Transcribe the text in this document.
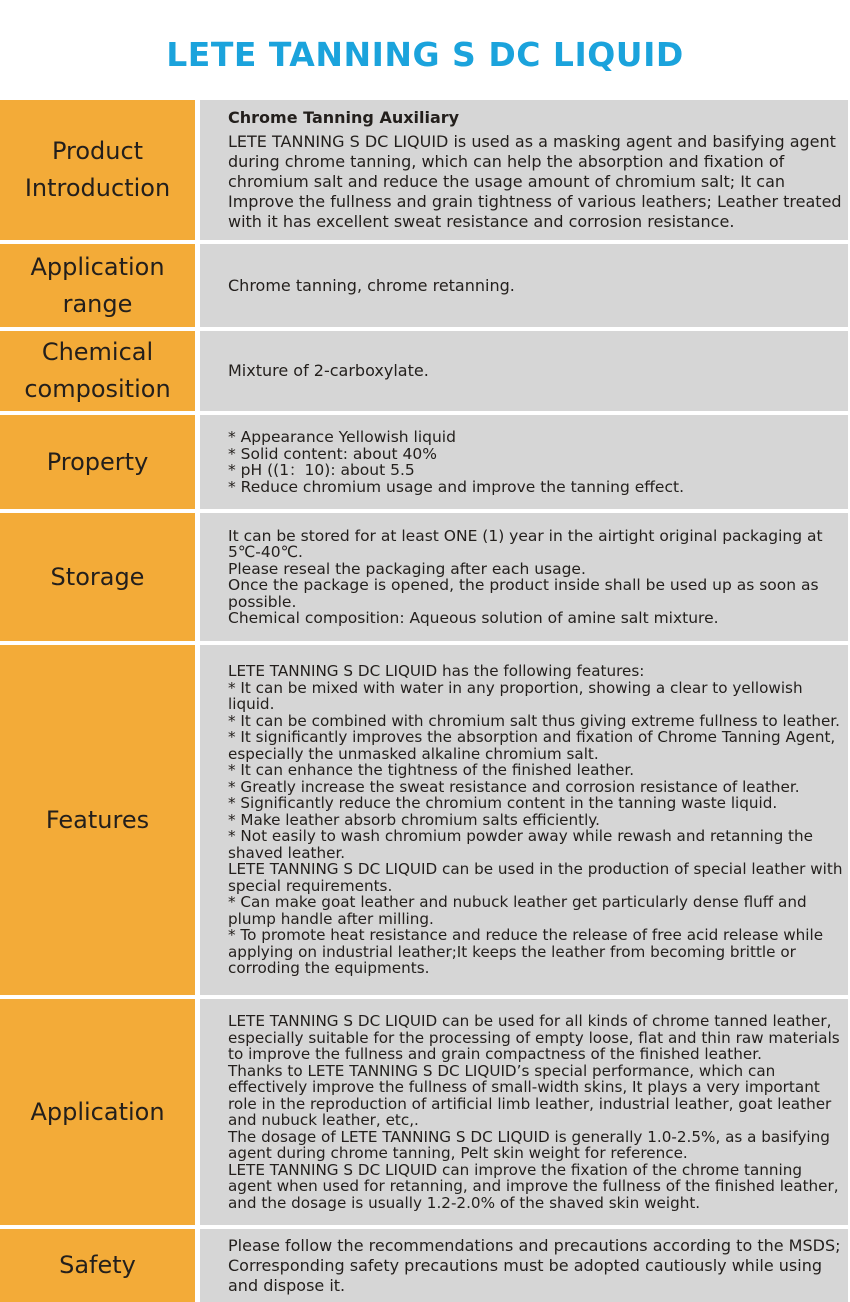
LETE TANNING S DC LIQUID
Product Introduction

Chrome Tanning Auxiliary

LETE TANNING S DC LIQUID is used as a masking agent and basifying agent during chrome tanning, which can help the absorption and fixation of chromium salt and reduce the usage amount of chromium salt; It can Improve the fullness and grain tightness of various leathers; Leather treated with it has excellent sweat resistance and corrosion resistance.

Application range

Chrome tanning, chrome retanning.

Chemical composition

Mixture of 2-carboxylate.

Property

* Appearance Yellowish liquid

* Solid content: about 40%

* pH ((1：10): about 5.5

* Reduce chromium usage and improve the tanning effect.

Storage

It can be stored for at least ONE (1) year in the airtight original packaging at 5℃-40℃.

Please reseal the packaging after each usage.

Once the package is opened, the product inside shall be used up as soon as possible.

Chemical composition: Aqueous solution of amine salt mixture.

Features

LETE TANNING S DC LIQUID has the following features:

* It can be mixed with water in any proportion, showing a clear to yellowish liquid.

* It can be combined with chromium salt thus giving extreme fullness to leather.

* It significantly improves the absorption and fixation of Chrome Tanning Agent, especially the unmasked alkaline chromium salt.

* It can enhance the tightness of the finished leather.

* Greatly increase the sweat resistance and corrosion resistance of leather.

* Significantly reduce the chromium content in the tanning waste liquid.

* Make leather absorb chromium salts efficiently.

* Not easily to wash chromium powder away while rewash and retanning the shaved leather.

LETE TANNING S DC LIQUID can be used in the production of special leather with special requirements.

* Can make goat leather and nubuck leather get particularly dense fluff and plump handle after milling.

* To promote heat resistance and reduce the release of free acid release while applying on industrial leather;It keeps the leather from becoming brittle or corroding the equipments.

Application

LETE TANNING S DC LIQUID can be used for all kinds of chrome tanned leather, especially suitable for the processing of empty loose, flat and thin raw materials to improve the fullness and grain compactness of the finished leather.

Thanks to LETE TANNING S DC LIQUID’s special performance, which can effectively improve the fullness of small-width skins, It plays a very important role in the reproduction of artificial limb leather, industrial leather, goat leather and nubuck leather, etc,.

The dosage of LETE TANNING S DC LIQUID is generally 1.0-2.5%, as a basifying agent during chrome tanning, Pelt skin weight for reference.

LETE TANNING S DC LIQUID can improve the fixation of the chrome tanning agent when used for retanning, and improve the fullness of the finished leather, and the dosage is usually 1.2-2.0% of the shaved skin weight.

Safety

Please follow the recommendations and precautions according to the MSDS; Corresponding safety precautions must be adopted cautiously while using and dispose it.
